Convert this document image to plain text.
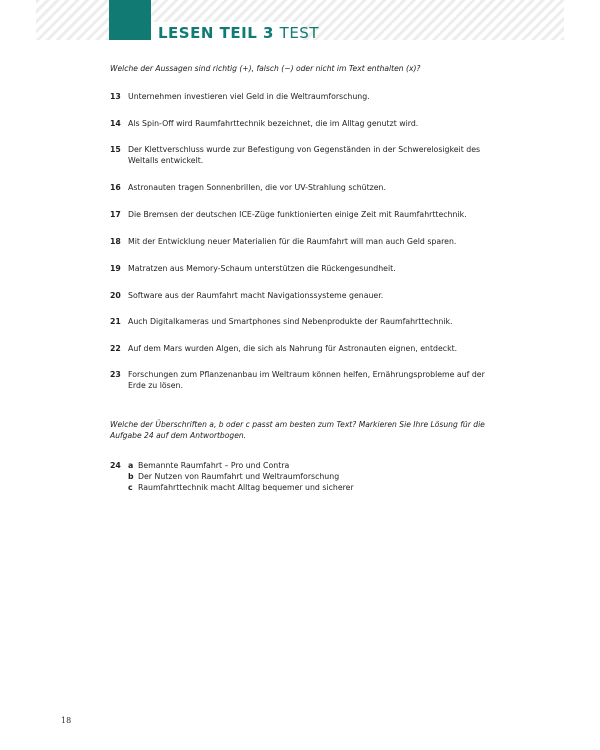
LESEN TEIL 3 TEST

Welche der Aussagen sind richtig (+), falsch (−) oder nicht im Text enthalten (x)?

13 Unternehmen investieren viel Geld in die Weltraumforschung.
14 Als Spin-Off wird Raumfahrttechnik bezeichnet, die im Alltag genutzt wird.
15 Der Klettverschluss wurde zur Befestigung von Gegenständen in der Schwerelosigkeit des Weltalls entwickelt.
16 Astronauten tragen Sonnenbrillen, die vor UV-Strahlung schützen.
17 Die Bremsen der deutschen ICE-Züge funktionierten einige Zeit mit Raumfahrttechnik.
18 Mit der Entwicklung neuer Materialien für die Raumfahrt will man auch Geld sparen.
19 Matratzen aus Memory-Schaum unterstützen die Rückengesundheit.
20 Software aus der Raumfahrt macht Navigationssysteme genauer.
21 Auch Digitalkameras und Smartphones sind Nebenprodukte der Raumfahrttechnik.
22 Auf dem Mars wurden Algen, die sich als Nahrung für Astronauten eignen, entdeckt.
23 Forschungen zum Pflanzenanbau im Weltraum können helfen, Ernährungsprobleme auf der Erde zu lösen.

Welche der Überschriften a, b oder c passt am besten zum Text? Markieren Sie Ihre Lösung für die Aufgabe 24 auf dem Antwortbogen.

24 a Bemannte Raumfahrt – Pro und Contra
b Der Nutzen von Raumfahrt und Weltraumforschung
c Raumfahrttechnik macht Alltag bequemer und sicherer
18
